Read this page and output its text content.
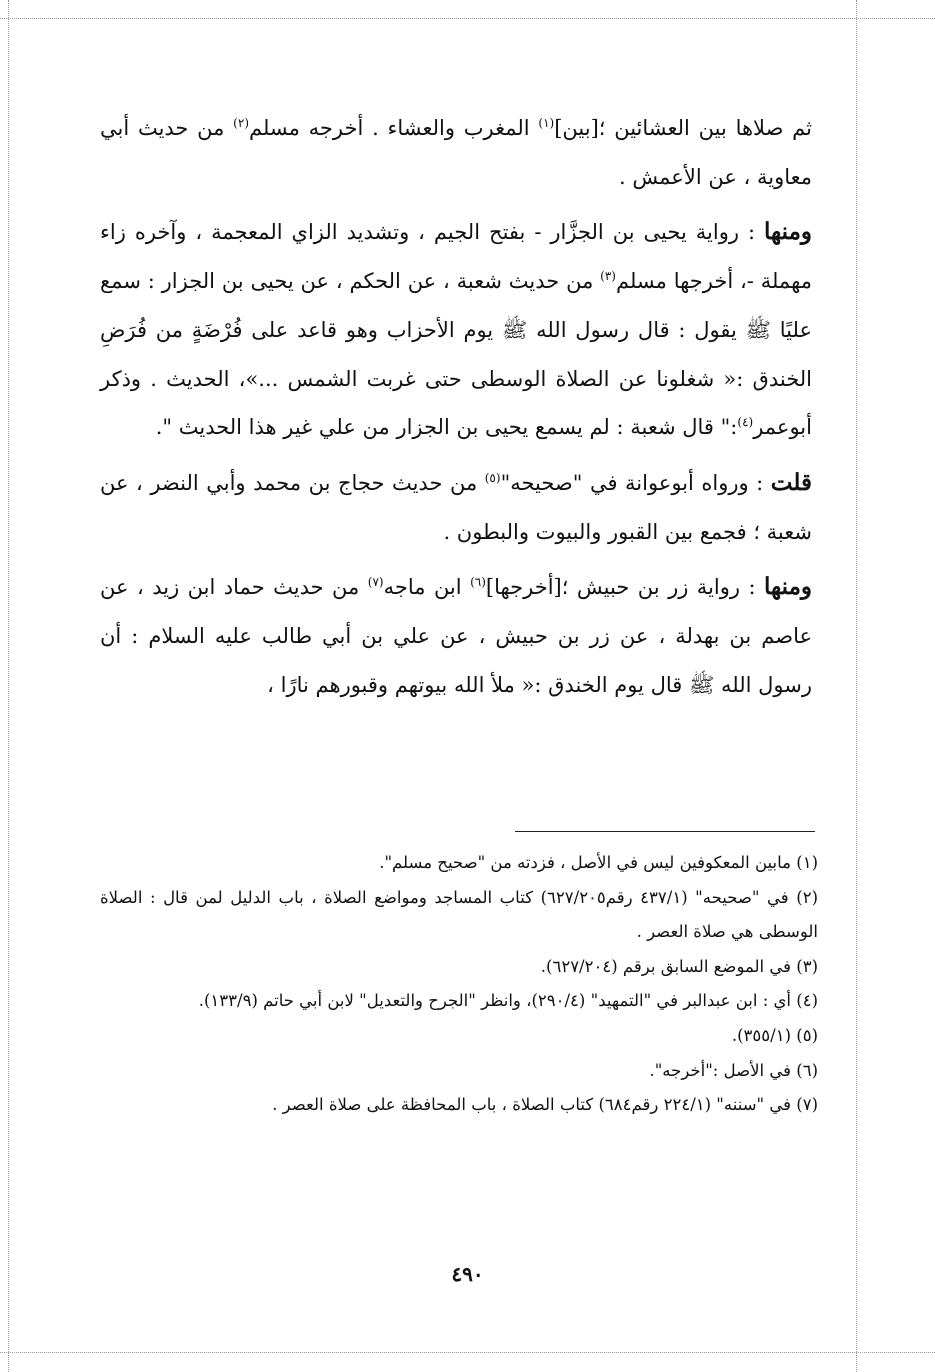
ثم صلاها بين العشائين ؛[بين]$^{(١)}$ المغرب والعشاء . أخرجه مسلم$^{(٢)}$ من حديث أبي معاوية ، عن الأعمش .

ومنها : رواية يحيى بن الجزَّار - بفتح الجيم ، وتشديد الزاي المعجمة ، وآخره زاء مهملة -، أخرجها مسلم$^{(٣)}$ من حديث شعبة ، عن الحكم ، عن يحيى بن الجزار : سمع عليًا ﷺ يقول : قال رسول الله ﷺ يوم الأحزاب وهو قاعد على فُرْضَةٍ من فُرَضِ الخندق :« شغلونا عن الصلاة الوسطى حتى غربت الشمس ...»، الحديث . وذكر أبوعمر$^{(٤)}$:" قال شعبة : لم يسمع يحيى بن الجزار من علي غير هذا الحديث ".

قلت : ورواه أبوعوانة في "صحيحه"$^{(٥)}$ من حديث حجاج بن محمد وأبي النضر ، عن شعبة ؛ فجمع بين القبور والبيوت والبطون .

ومنها : رواية زر بن حبيش ؛[أخرجها]$^{(٦)}$ ابن ماجه$^{(٧)}$ من حديث حماد ابن زيد ، عن عاصم بن بهدلة ، عن زر بن حبيش ، عن علي بن أبي طالب عليه السلام : أن رسول الله ﷺ قال يوم الخندق :« ملأ الله بيوتهم وقبورهم نارًا ،

(١) مابين المعكوفين ليس في الأصل ، فزدته من "صحيح مسلم".

(٢) في "صحيحه" (٤٣٧/١ رقم٦٢٧/٢٠٥) كتاب المساجد ومواضع الصلاة ، باب الدليل لمن قال : الصلاة الوسطى هي صلاة العصر .

(٣) في الموضع السابق برقم (٦٢٧/٢٠٤).

(٤) أي : ابن عبدالبر في "التمهيد" (٢٩٠/٤)، وانظر "الجرح والتعديل" لابن أبي حاتم (١٣٣/٩).

(٥) (٣٥٥/١).

(٦) في الأصل :"أخرجه".

(٧) في "سننه" (٢٢٤/١ رقم٦٨٤) كتاب الصلاة ، باب المحافظة على صلاة العصر .

٤٩٠
